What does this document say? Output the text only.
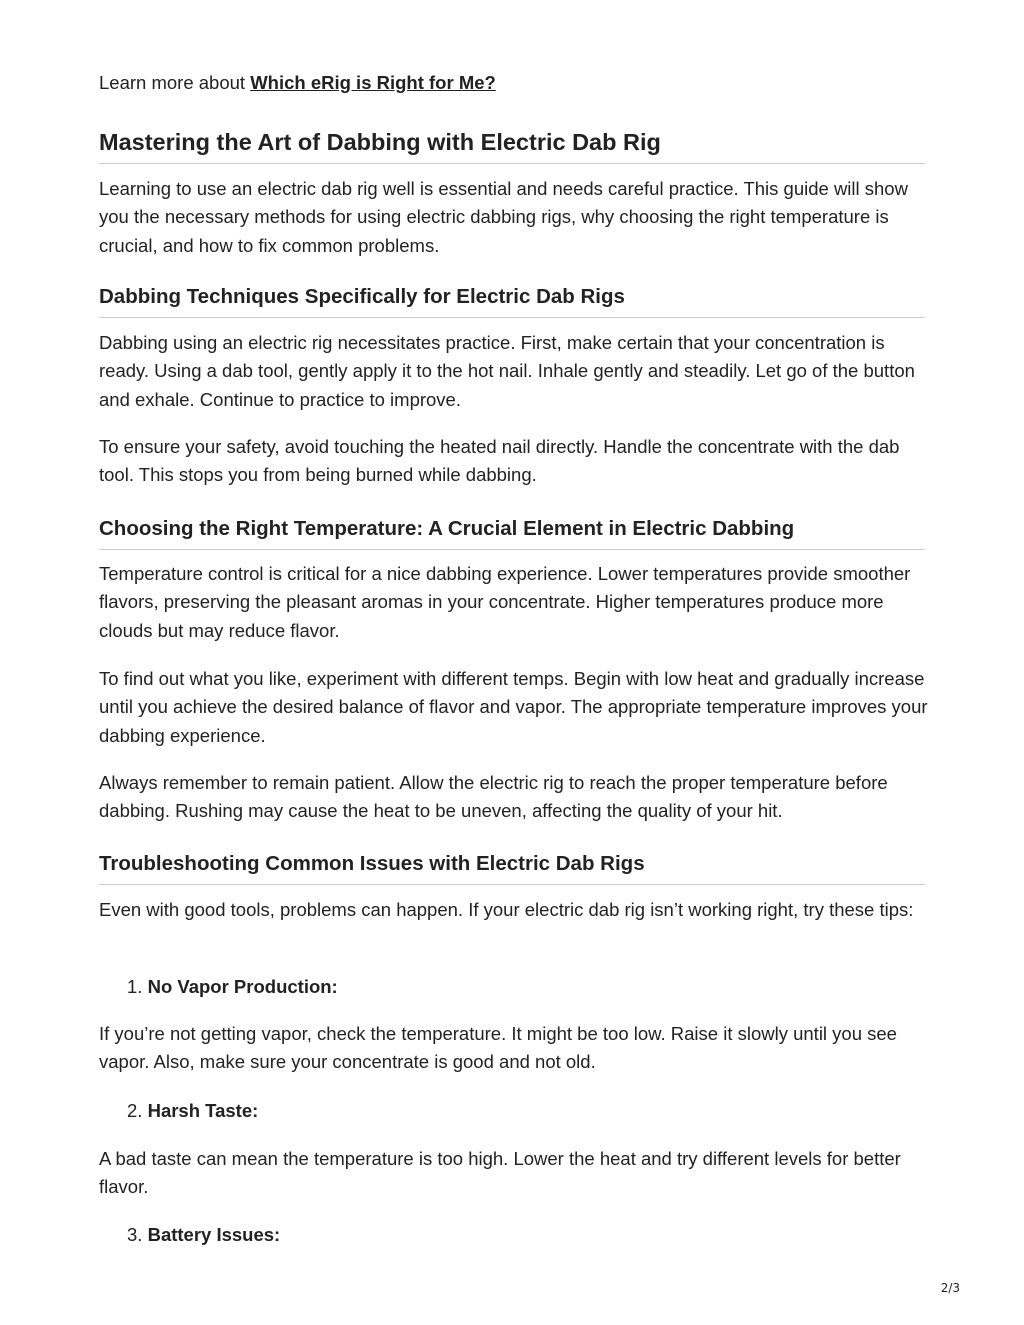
Learn more about Which eRig is Right for Me?
Mastering the Art of Dabbing with Electric Dab Rig

Learning to use an electric dab rig well is essential and needs careful practice. This guide will show you the necessary methods for using electric dabbing rigs, why choosing the right temperature is crucial, and how to fix common problems.

Dabbing Techniques Specifically for Electric Dab Rigs

Dabbing using an electric rig necessitates practice. First, make certain that your concentration is ready. Using a dab tool, gently apply it to the hot nail. Inhale gently and steadily. Let go of the button and exhale. Continue to practice to improve.

To ensure your safety, avoid touching the heated nail directly. Handle the concentrate with the dab tool. This stops you from being burned while dabbing.

Choosing the Right Temperature: A Crucial Element in Electric Dabbing

Temperature control is critical for a nice dabbing experience. Lower temperatures provide smoother flavors, preserving the pleasant aromas in your concentrate. Higher temperatures produce more clouds but may reduce flavor.

To find out what you like, experiment with different temps. Begin with low heat and gradually increase until you achieve the desired balance of flavor and vapor. The appropriate temperature improves your dabbing experience.

Always remember to remain patient. Allow the electric rig to reach the proper temperature before dabbing. Rushing may cause the heat to be uneven, affecting the quality of your hit.

Troubleshooting Common Issues with Electric Dab Rigs

Even with good tools, problems can happen. If your electric dab rig isn’t working right, try these tips:

1. No Vapor Production:

If you’re not getting vapor, check the temperature. It might be too low. Raise it slowly until you see vapor. Also, make sure your concentrate is good and not old.

2. Harsh Taste:

A bad taste can mean the temperature is too high. Lower the heat and try different levels for better flavor.

3. Battery Issues:
2/3
